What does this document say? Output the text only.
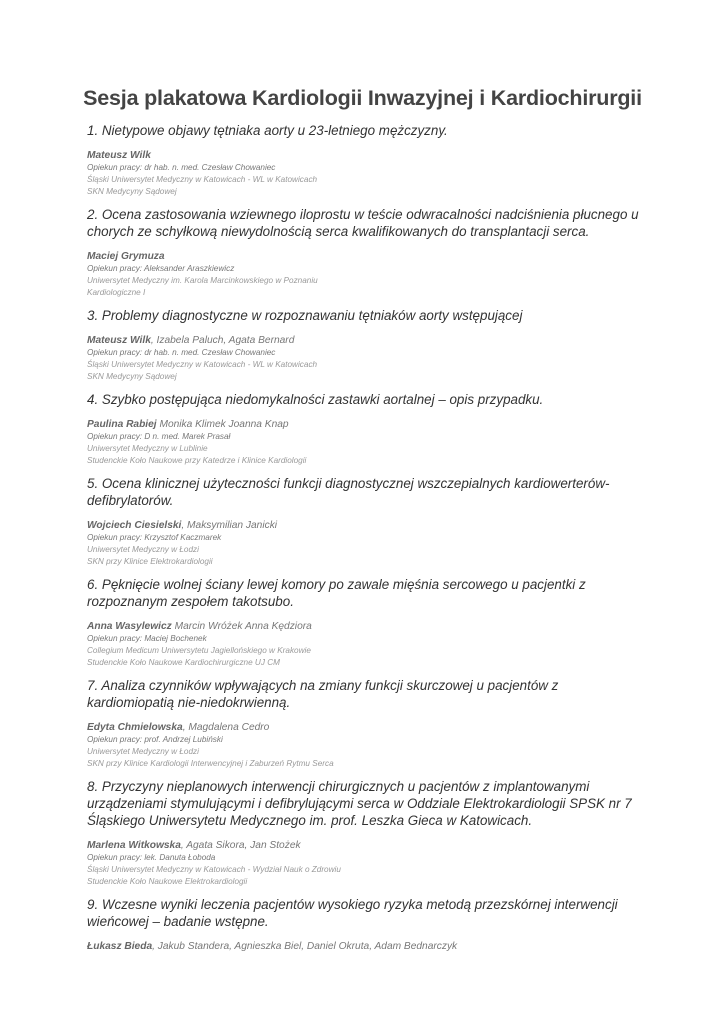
Sesja plakatowa Kardiologii Inwazyjnej i Kardiochirurgii

1. Nietypowe objawy tętniaka aorty u 23-letniego mężczyzny.

Mateusz Wilk

Opiekun pracy: dr hab. n. med. Czesław Chowaniec

Śląski Uniwersytet Medyczny w Katowicach - WL w Katowicach

SKN Medycyny Sądowej

2. Ocena zastosowania wziewnego iloprostu w teście odwracalności nadciśnienia płucnego u chorych ze schyłkową niewydolnością serca kwalifikowanych do transplantacji serca.

Maciej Grymuza

Opiekun pracy: Aleksander Araszkiewicz

Uniwersytet Medyczny im. Karola Marcinkowskiego w Poznaniu

Kardiologiczne I

3. Problemy diagnostyczne w rozpoznawaniu tętniaków aorty wstępującej

Mateusz Wilk, Izabela Paluch, Agata Bernard

Opiekun pracy: dr hab. n. med. Czesław Chowaniec

Śląski Uniwersytet Medyczny w Katowicach - WL w Katowicach

SKN Medycyny Sądowej

4. Szybko postępująca niedomykalności zastawki aortalnej – opis przypadku.

Paulina Rabiej Monika Klimek Joanna Knap

Opiekun pracy: D n. med. Marek Prasał

Uniwersytet Medyczny w Lublinie

Studenckie Koło Naukowe przy Katedrze i Klinice Kardiologii

5. Ocena klinicznej użyteczności funkcji diagnostycznej wszczepialnych kardiowerterów-defibrylatorów.

Wojciech Ciesielski, Maksymilian Janicki

Opiekun pracy: Krzysztof Kaczmarek

Uniwersytet Medyczny w Łodzi

SKN przy Klinice Elektrokardiologii

6. Pęknięcie wolnej ściany lewej komory po zawale mięśnia sercowego u pacjentki z rozpoznanym zespołem takotsubo.

Anna Wasylewicz Marcin Wróżek Anna Kędziora

Opiekun pracy: Maciej Bochenek

Collegium Medicum Uniwersytetu Jagiellońskiego w Krakowie

Studenckie Koło Naukowe Kardiochirurgiczne UJ CM

7. Analiza czynników wpływających na zmiany funkcji skurczowej u pacjentów z kardiomiopatią nie-niedokrwienną.

Edyta Chmielowska, Magdalena Cedro

Opiekun pracy: prof. Andrzej Lubiński

Uniwersytet Medyczny w Łodzi

SKN przy Klinice Kardiologii Interwencyjnej i Zaburzeń Rytmu Serca

8. Przyczyny nieplanowych interwencji chirurgicznych u pacjentów z implantowanymi urządzeniami stymulującymi i defibrylującymi serca w Oddziale Elektrokardiologii SPSK nr 7 Śląskiego Uniwersytetu Medycznego im. prof. Leszka Gieca w Katowicach.

Marlena Witkowska, Agata Sikora, Jan Stożek

Opiekun pracy: lek. Danuta Łoboda

Śląski Uniwersytet Medyczny w Katowicach - Wydział Nauk o Zdrowiu

Studenckie Koło Naukowe Elektrokardiologii

9. Wczesne wyniki leczenia pacjentów wysokiego ryzyka metodą przezskórnej interwencji wieńcowej – badanie wstępne.

Łukasz Bieda, Jakub Standera, Agnieszka Biel, Daniel Okruta, Adam Bednarczyk
